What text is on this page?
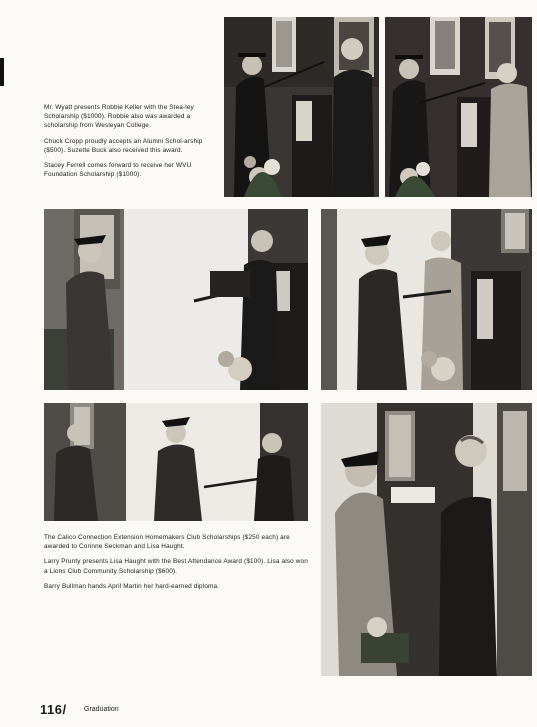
Mr. Wyatt presents Robbie Keller with the Stea-ley Scholarship ($1000). Robbie also was awarded a scholarship from Wesleyan College.

Chuck Cropp proudly accepts an Alumni Schol-arship ($500). Suzette Buck also received this award.

Stacey Ferrell comes forward to receive her WVU Foundation Scholarship ($1000).

The Calico Connection Extension Homemakers Club Scholarships ($250 each) are awarded to Corinne Seckman and Lisa Haught.

Larry Prunty presents Lisa Haught with the Best Attendance Award ($100). Lisa also won a Lions Club Community Scholarship ($600).

Barry Bullman hands April Martin her hard-earned diploma.

116/ Graduation
